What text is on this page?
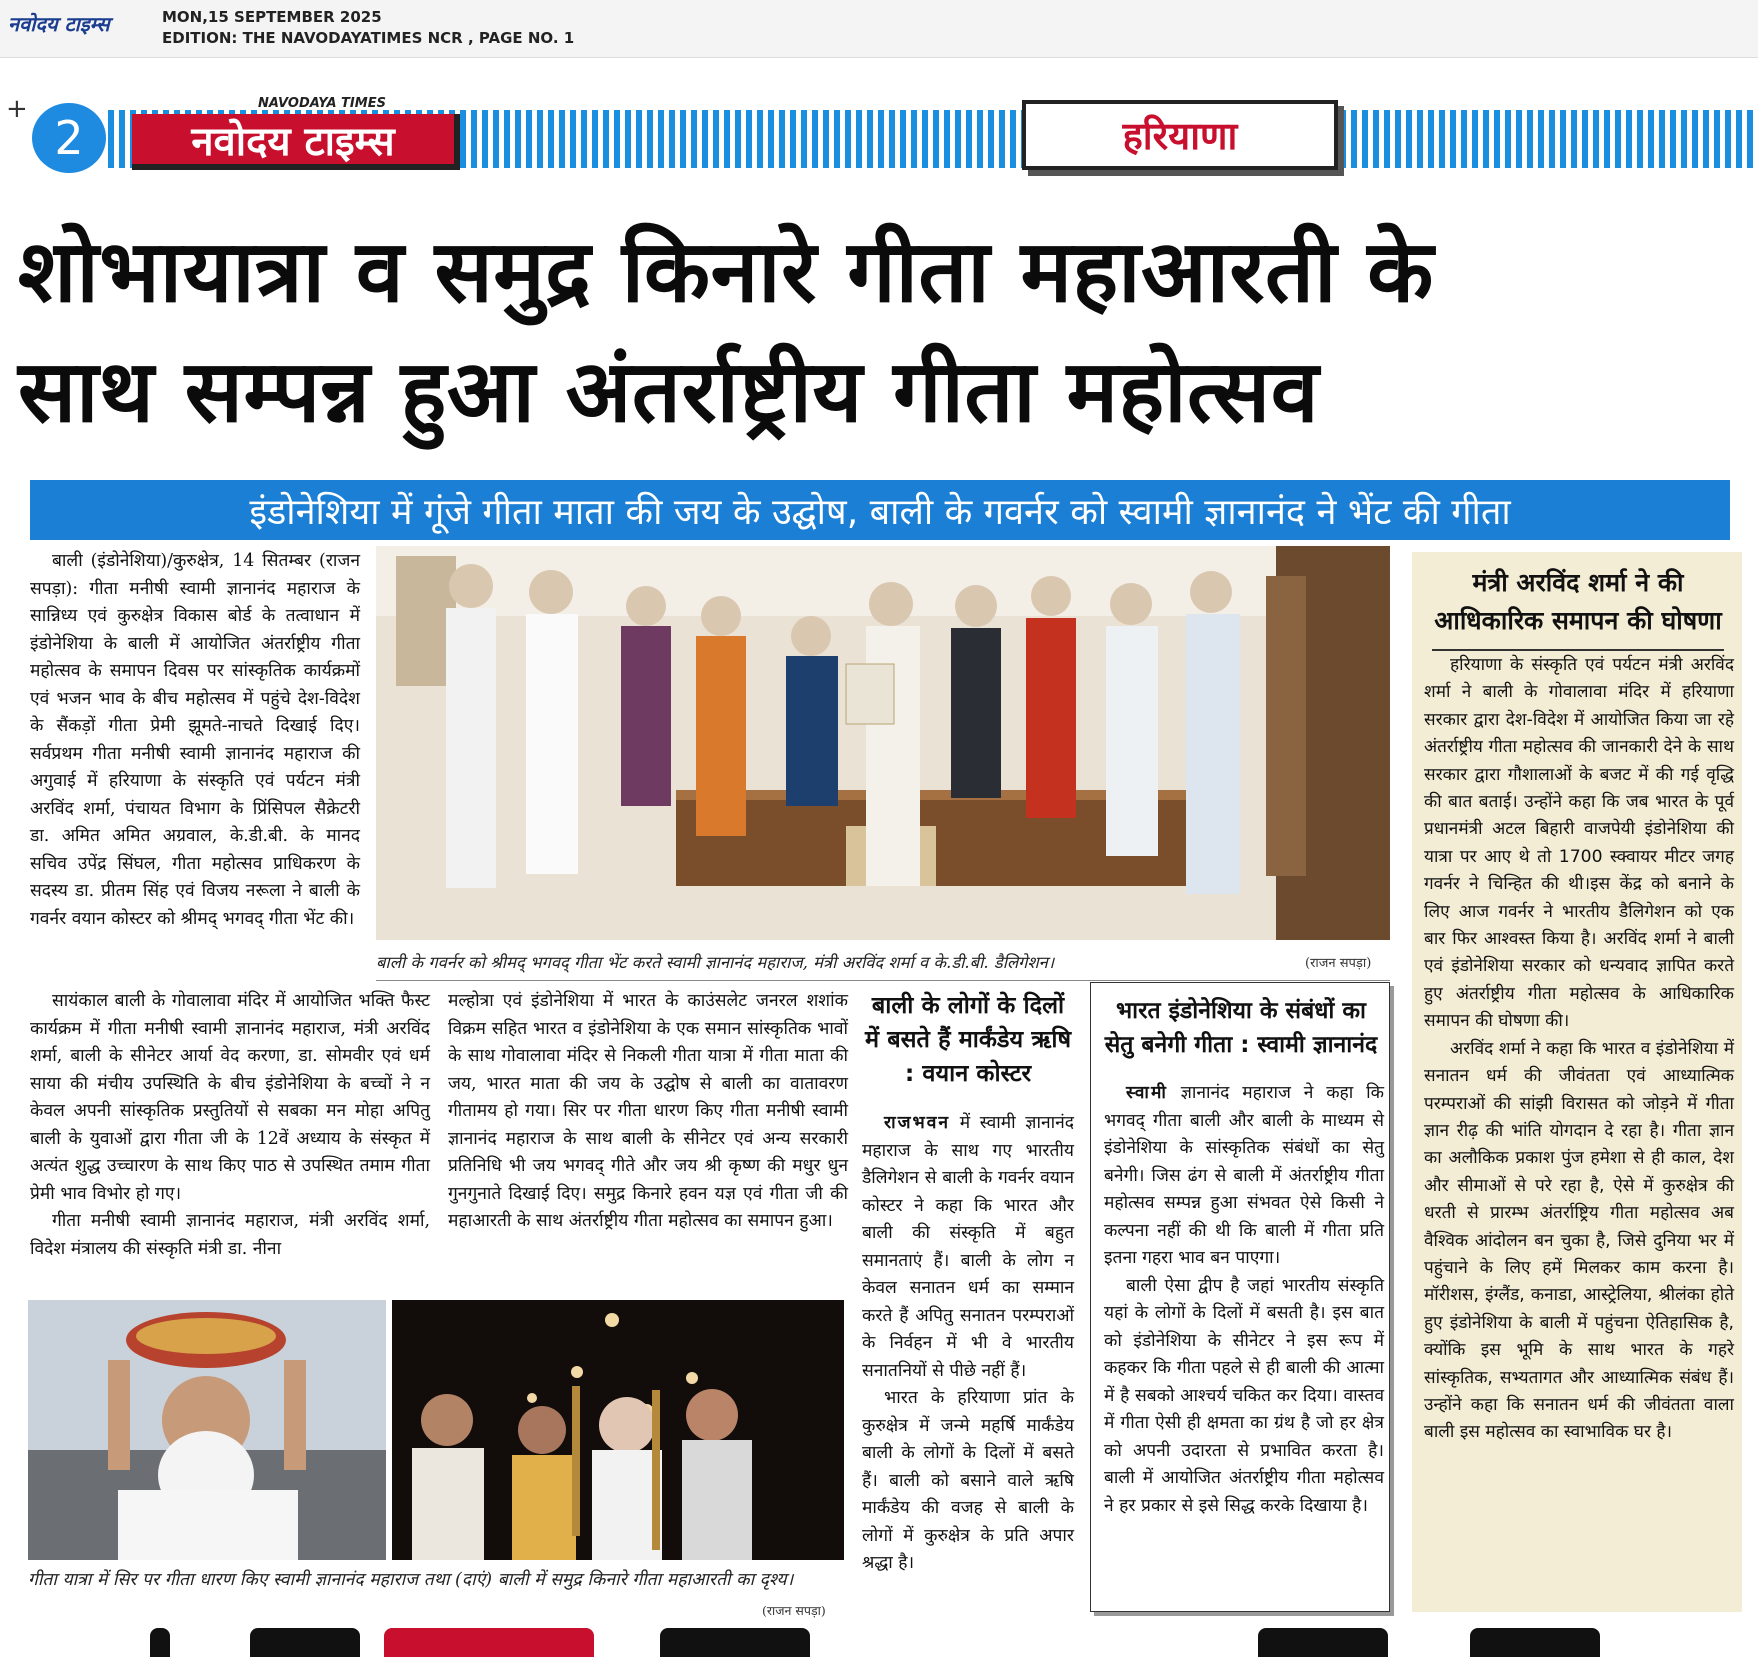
नवोदय टाइम्स	MON,15 SEPTEMBER 2025
EDITION: THE NAVODAYATIMES NCR , PAGE NO. 1
+
2
NAVODAYA TIMES
नवोदय टाइम्स	हरियाणा
शोभायात्रा व समुद्र किनारे गीता महाआरती के
साथ सम्पन्न हुआ अंतर्राष्ट्रीय गीता महोत्सव
इंडोनेशिया में गूंजे गीता माता की जय के उद्घोष, बाली के गवर्नर को स्वामी ज्ञानानंद ने भेंट की गीता

बाली (इंडोनेशिया)/कुरुक्षेत्र, 14 सितम्बर (राजन सपड़ा): गीता मनीषी स्वामी ज्ञानानंद महाराज के सान्निध्य एवं कुरुक्षेत्र विकास बोर्ड के तत्वाधान में इंडोनेशिया के बाली में आयोजित अंतर्राष्ट्रीय गीता महोत्सव के समापन दिवस पर सांस्कृतिक कार्यक्रमों एवं भजन भाव के बीच महोत्सव में पहुंचे देश-विदेश के सैंकड़ों गीता प्रेमी झूमते-नाचते दिखाई दिए। सर्वप्रथम गीता मनीषी स्वामी ज्ञानानंद महाराज की अगुवाई में हरियाणा के संस्कृति एवं पर्यटन मंत्री अरविंद शर्मा, पंचायत विभाग के प्रिंसिपल सैक्रेटरी डा. अमित अमित अग्रवाल, के.डी.बी. के मानद सचिव उपेंद्र सिंघल, गीता महोत्सव प्राधिकरण के सदस्य डा. प्रीतम सिंह एवं विजय नरूला ने बाली के गवर्नर वयान कोस्टर को श्रीमद् भगवद् गीता भेंट की।

बाली के गवर्नर को श्रीमद् भगवद् गीता भेंट करते स्वामी ज्ञानानंद महाराज, मंत्री अरविंद शर्मा व के.डी.बी. डैलिगेशन।	(राजन सपड़ा)

सायंकाल बाली के गोवालावा मंदिर में आयोजित भक्ति फैस्ट कार्यक्रम में गीता मनीषी स्वामी ज्ञानानंद महाराज, मंत्री अरविंद शर्मा, बाली के सीनेटर आर्या वेद करणा, डा. सोमवीर एवं धर्म साया की मंचीय उपस्थिति के बीच इंडोनेशिया के बच्चों ने न केवल अपनी सांस्कृतिक प्रस्तुतियों से सबका मन मोहा अपितु बाली के युवाओं द्वारा गीता जी के 12वें अध्याय के संस्कृत में अत्यंत शुद्ध उच्चारण के साथ किए पाठ से उपस्थित तमाम गीता प्रेमी भाव विभोर हो गए।

गीता मनीषी स्वामी ज्ञानानंद महाराज, मंत्री अरविंद शर्मा, विदेश मंत्रालय की संस्कृति मंत्री डा. नीना

मल्होत्रा एवं इंडोनेशिया में भारत के काउंसलेट जनरल शशांक विक्रम सहित भारत व इंडोनेशिया के एक समान सांस्कृतिक भावों के साथ गोवालावा मंदिर से निकली गीता यात्रा में गीता माता की जय, भारत माता की जय के उद्घोष से बाली का वातावरण गीतामय हो गया। सिर पर गीता धारण किए गीता मनीषी स्वामी ज्ञानानंद महाराज के साथ बाली के सीनेटर एवं अन्य सरकारी प्रतिनिधि भी जय भगवद् गीते और जय श्री कृष्ण की मधुर धुन गुनगुनाते दिखाई दिए। समुद्र किनारे हवन यज्ञ एवं गीता जी की महाआरती के साथ अंतर्राष्ट्रीय गीता महोत्सव का समापन हुआ।

गीता यात्रा में सिर पर गीता धारण किए स्वामी ज्ञानानंद महाराज तथा (दाएं) बाली में समुद्र किनारे गीता महाआरती का दृश्य।
(राजन सपड़ा)
बाली के लोगों के दिलों में बसते हैं मार्कंडेय ऋषि : वयान कोस्टर

राजभवन में स्वामी ज्ञानानंद महाराज के साथ गए भारतीय डैलिगेशन से बाली के गवर्नर वयान कोस्टर ने कहा कि भारत और बाली की संस्कृति में बहुत समानताएं हैं। बाली के लोग न केवल सनातन धर्म का सम्मान करते हैं अपितु सनातन परम्पराओं के निर्वहन में भी वे भारतीय सनातनियों से पीछे नहीं हैं।

भारत के हरियाणा प्रांत के कुरुक्षेत्र में जन्मे महर्षि मार्कंडेय बाली के लोगों के दिलों में बसते हैं। बाली को बसाने वाले ऋषि मार्कंडेय की वजह से बाली के लोगों में कुरुक्षेत्र के प्रति अपार श्रद्धा है।

भारत इंडोनेशिया के संबंधों का सेतु बनेगी गीता : स्वामी ज्ञानानंद

स्वामी ज्ञानानंद महाराज ने कहा कि भगवद् गीता बाली और बाली के माध्यम से इंडोनेशिया के सांस्कृतिक संबंधों का सेतु बनेगी। जिस ढंग से बाली में अंतर्राष्ट्रीय गीता महोत्सव सम्पन्न हुआ संभवत ऐसे किसी ने कल्पना नहीं की थी कि बाली में गीता प्रति इतना गहरा भाव बन पाएगा।

बाली ऐसा द्वीप है जहां भारतीय संस्कृति यहां के लोगों के दिलों में बसती है। इस बात को इंडोनेशिया के सीनेटर ने इस रूप में कहकर कि गीता पहले से ही बाली की आत्मा में है सबको आश्चर्य चकित कर दिया। वास्तव में गीता ऐसी ही क्षमता का ग्रंथ है जो हर क्षेत्र को अपनी उदारता से प्रभावित करता है। बाली में आयोजित अंतर्राष्ट्रीय गीता महोत्सव ने हर प्रकार से इसे सिद्ध करके दिखाया है।

मंत्री अरविंद शर्मा ने की आधिकारिक समापन की घोषणा

हरियाणा के संस्कृति एवं पर्यटन मंत्री अरविंद शर्मा ने बाली के गोवालावा मंदिर में हरियाणा सरकार द्वारा देश-विदेश में आयोजित किया जा रहे अंतर्राष्ट्रीय गीता महोत्सव की जानकारी देने के साथ सरकार द्वारा गौशालाओं के बजट में की गई वृद्धि की बात बताई। उन्होंने कहा कि जब भारत के पूर्व प्रधानमंत्री अटल बिहारी वाजपेयी इंडोनेशिया की यात्रा पर आए थे तो 1700 स्क्वायर मीटर जगह गवर्नर ने चिन्हित की थी।इस केंद्र को बनाने के लिए आज गवर्नर ने भारतीय डैलिगेशन को एक बार फिर आश्वस्त किया है। अरविंद शर्मा ने बाली एवं इंडोनेशिया सरकार को धन्यवाद ज्ञापित करते हुए अंतर्राष्ट्रीय गीता महोत्सव के आधिकारिक समापन की घोषणा की।

अरविंद शर्मा ने कहा कि भारत व इंडोनेशिया में सनातन धर्म की जीवंतता एवं आध्यात्मिक परम्पराओं की सांझी विरासत को जोड़ने में गीता ज्ञान रीढ़ की भांति योगदान दे रहा है। गीता ज्ञान का अलौकिक प्रकाश पुंज हमेशा से ही काल, देश और सीमाओं से परे रहा है, ऐसे में कुरुक्षेत्र की धरती से प्रारम्भ अंतर्राष्ट्रिय गीता महोत्सव अब वैश्विक आंदोलन बन चुका है, जिसे दुनिया भर में पहुंचाने के लिए हमें मिलकर काम करना है। मॉरीशस, इंग्लैंड, कनाडा, आस्ट्रेलिया, श्रीलंका होते हुए इंडोनेशिया के बाली में पहुंचना ऐतिहासिक है, क्योंकि इस भूमि के साथ भारत के गहरे सांस्कृतिक, सभ्यतागत और आध्यात्मिक संबंध हैं। उन्होंने कहा कि सनातन धर्म की जीवंतता वाला बाली इस महोत्सव का स्वाभाविक घर है।
